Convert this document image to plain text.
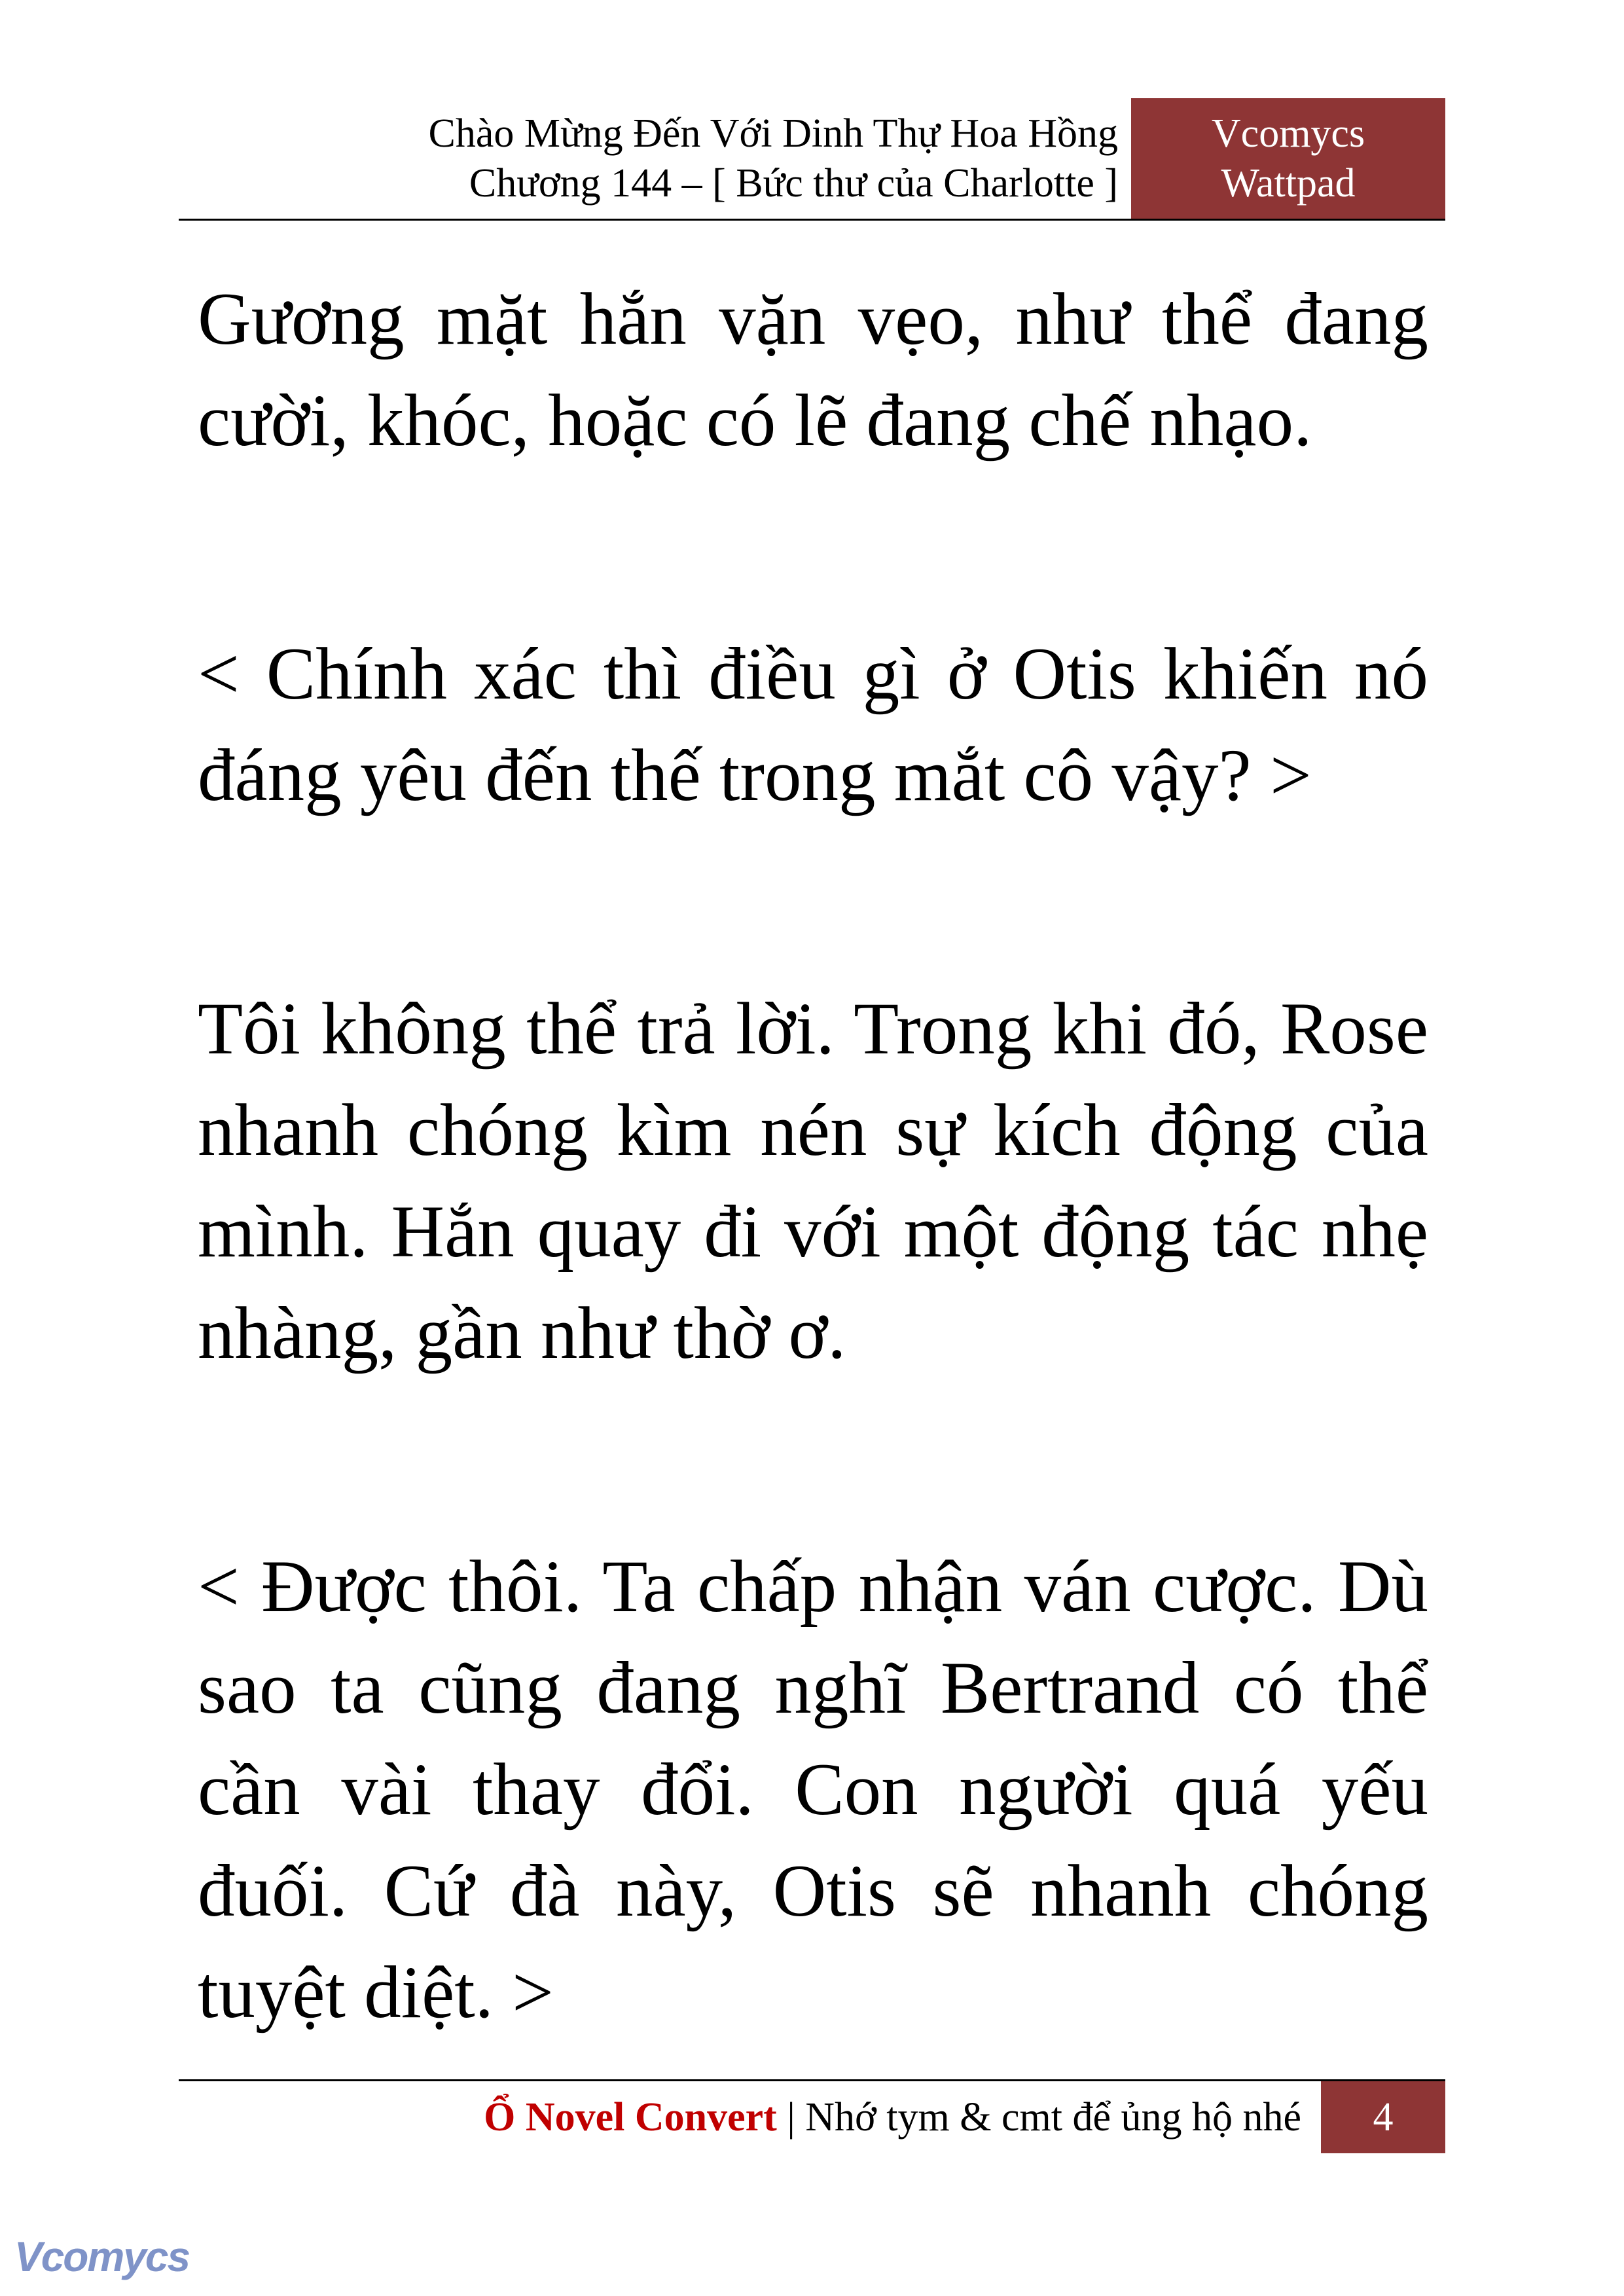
Chào Mừng Đến Với Dinh Thự Hoa Hồng
Chương 144 – [ Bức thư của Charlotte ]
Vcomycs
Wattpad

Gương mặt hắn vặn vẹo, như thể đang cười, khóc, hoặc có lẽ đang chế nhạo.

< Chính xác thì điều gì ở Otis khiến nó đáng yêu đến thế trong mắt cô vậy? >

Tôi không thể trả lời. Trong khi đó, Rose nhanh chóng kìm nén sự kích động của mình. Hắn quay đi với một động tác nhẹ nhàng, gần như thờ ơ.

< Được thôi. Ta chấp nhận ván cược. Dù sao ta cũng đang nghĩ Bertrand có thể cần vài thay đổi. Con người quá yếu đuối. Cứ đà này, Otis sẽ nhanh chóng tuyệt diệt. >

Ổ Novel Convert | Nhớ tym & cmt để ủng hộ nhé	4
Vcomycs
